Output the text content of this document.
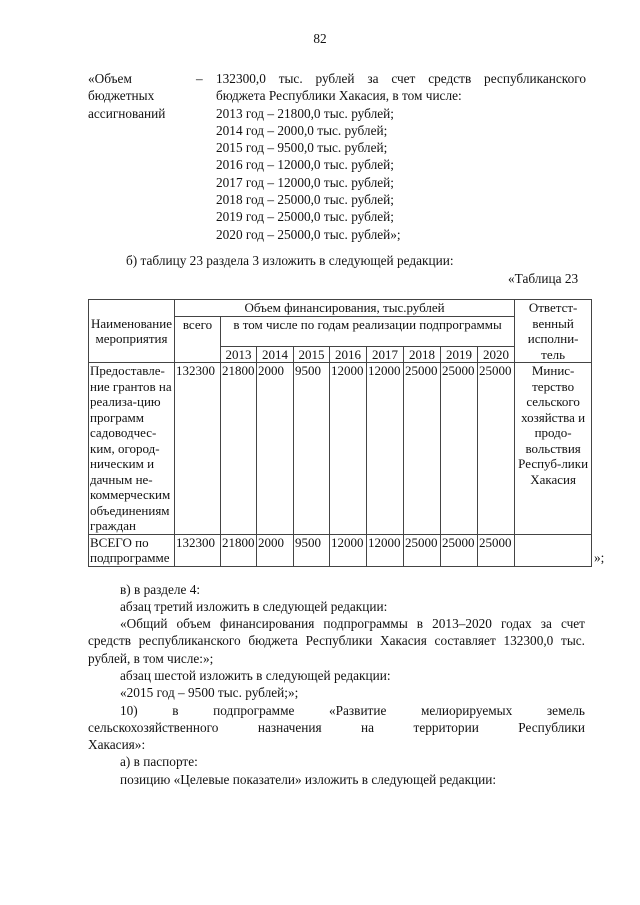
82
«Объем
бюджетных
ассигнований
– 132300,0 тыс. рублей за счет средств республиканского
бюджета Республики Хакасия, в том числе:
2013 год – 21800,0 тыс. рублей;
2014 год – 2000,0 тыс. рублей;
2015 год – 9500,0 тыс. рублей;
2016 год – 12000,0 тыс. рублей;
2017 год – 12000,0 тыс. рублей;
2018 год – 25000,0 тыс. рублей;
2019 год – 25000,0 тыс. рублей;
2020 год – 25000,0 тыс. рублей»;
б) таблицу 23 раздела 3 изложить в следующей редакции:
«Таблица 23
Наименование мероприятия	Объем финансирования, тыс.рублей									Ответст-венный исполни-тель
	всего	в том числе по годам реализации подпрограммы								
		2013	2014	2015	2016	2017	2018	2019	2020	
Предоставле-ние грантов на реализа-цию программ садоводчес-ким, огород-ническим и дачным не-коммерческим объединениям граждан	132300	21800	2000	9500	12000	12000	25000	25000	25000	Минис-терство сельского хозяйства и продо-вольствия Респуб-лики Хакасия
ВСЕГО по подпрограмме	132300	21800	2000	9500	12000	12000	25000	25000	25000	
»;

в) в разделе 4:

абзац третий изложить в следующей редакции:

«Общий объем финансирования подпрограммы в 2013–2020 годах за счет средств республиканского бюджета Республики Хакасия составляет 132300,0 тыс. рублей, в том числе:»;

абзац шестой изложить в следующей редакции:

«2015 год – 9500 тыс. рублей;»;

10) в подпрограмме «Развитие мелиорируемых земель сельскохозяйственного назначения на территории Республики Хакасия»:

а) в паспорте:

позицию «Целевые показатели» изложить в следующей редакции:
